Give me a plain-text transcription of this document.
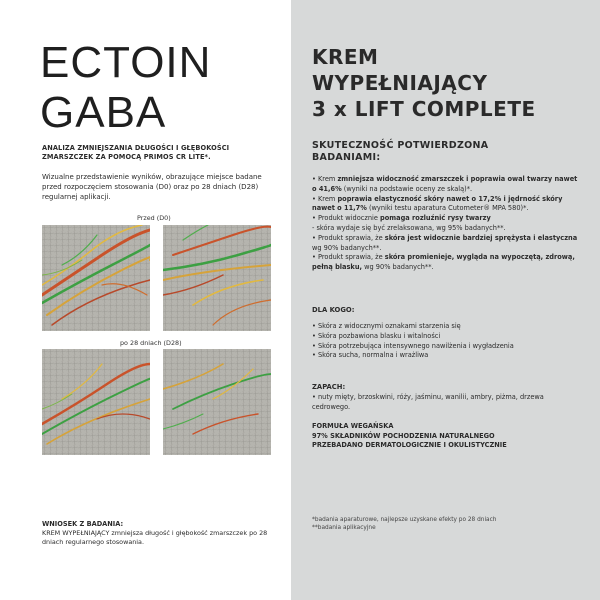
ECTOIN
GABA
ANALIZA ZMNIEJSZANIA DŁUGOŚCI I GŁĘBOKOŚCI ZMARSZCZEK ZA POMOCĄ PRIMOS CR LITE*.
Wizualne przedstawienie wyników, obrazujące miejsce badane przed rozpoczęciem stosowania (D0) oraz po 28 dniach (D28) regularnej aplikacji.
Przed (D0)
po 28 dniach (D28)
WNIOSEK Z BADANIA:
KREM WYPEŁNIAJĄCY zmniejsza długość i głębokość zmarszczek po 28 dniach regularnego stosowania.
KREM
WYPEŁNIAJĄCY
3 x LIFT COMPLETE
SKUTECZNOŚĆ POTWIERDZONA
BADANIAMI:

• Krem zmniejsza widoczność zmarszczek i poprawia owal twarzy nawet o 41,6% (wyniki na podstawie oceny ze skalą)*.

• Krem poprawia elastyczność skóry nawet o 17,2% i jędrność skóry nawet o 11,7% (wyniki testu aparatura Cutometer® MPA 580)*.

• Produkt widocznie pomaga rozluźnić rysy twarzy

- skóra wydaje się być zrelaksowana, wg 95% badanych**.

• Produkt sprawia, że skóra jest widocznie bardziej sprężysta i elastyczna wg 90% badanych**.

• Produkt sprawia, że skóra promienieje, wygląda na wypoczętą, zdrową, pełną blasku, wg 90% badanych**.

DLA KOGO:
• Skóra z widocznymi oznakami starzenia się
• Skóra pozbawiona blasku i witalności
• Skóra potrzebująca intensywnego nawilżenia i wygładzenia
• Skóra sucha, normalna i wrażliwa
ZAPACH:
• nuty mięty, brzoskwini, róży, jaśminu, wanilii, ambry, piżma, drzewa cedrowego.
FORMUŁA WEGAŃSKA
97% SKŁADNIKÓW POCHODZENIA NATURALNEGO
PRZEBADANO DERMATOLOGICZNIE I OKULISTYCZNIE
*badania aparaturowe, najlepsze uzyskane efekty po 28 dniach
**badania aplikacyjne
